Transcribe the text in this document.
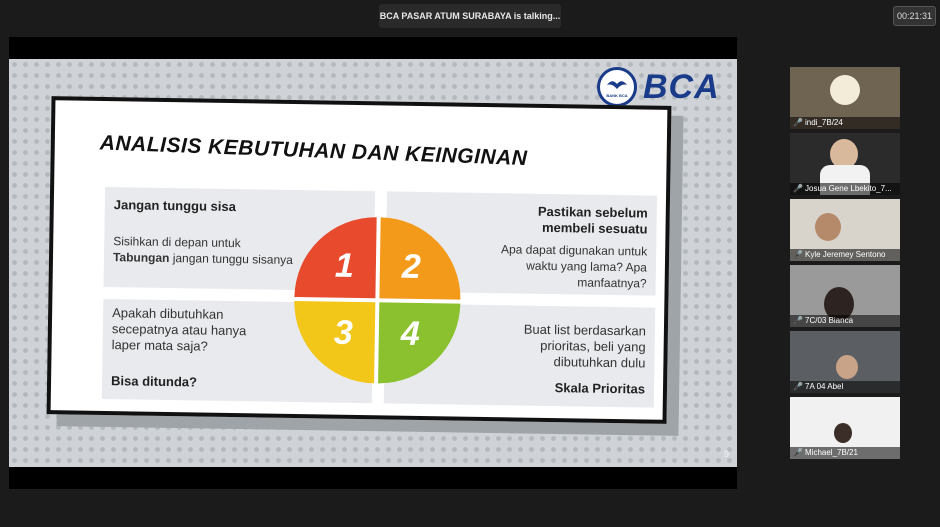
BCA PASAR ATUM SURABAYA is talking...	00:21:31
BANK BCA BCA
ANALISIS KEBUTUHAN DAN KEINGINAN
Jangan tunggu sisa
Sisihkan di depan untuk
Tabungan jangan tunggu sisanya
Pastikan sebelum membeli sesuatu
Apa dapat digunakan untuk waktu yang lama? Apa manfaatnya?
Apakah dibutuhkan secepatnya atau hanya laper mata saja?
Bisa ditunda?
Buat list berdasarkan prioritas, beli yang dibutuhkan dulu
Skala Prioritas
1 2
3 4
9
🎤 indi_7B/24
🎤 Josua Gene Lbekito_7...
🎤 Kyle Jeremey Sentono
🎤 7C/03 Bianca
🎤 7A 04 Abel
🎤 Michael_7B/21
